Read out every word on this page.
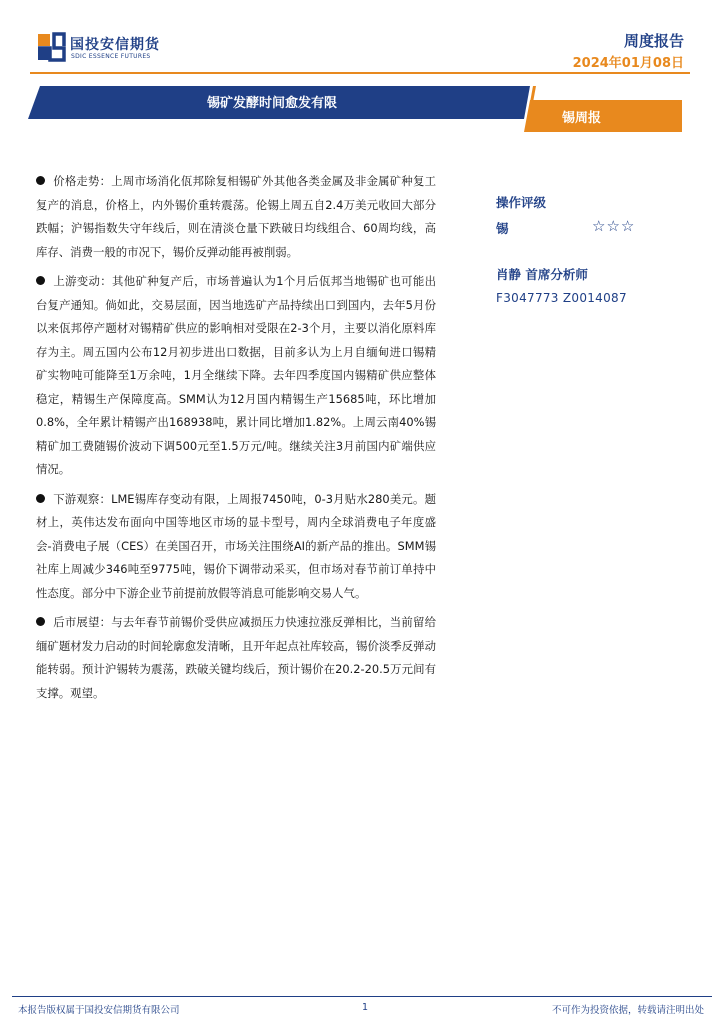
国投安信期货
SDIC ESSENCE FUTURES
周度报告
2024年01月08日
锡矿发酵时间愈发有限
锡周报

价格走势：上周市场消化佤邦除复相锡矿外其他各类金属及非金属矿种复工复产的消息，价格上，内外锡价重转震荡。伦锡上周五自2.4万美元收回大部分跌幅；沪锡指数失守年线后，则在清淡仓量下跌破日均线组合、60周均线，高库存、消费一般的市况下，锡价反弹动能再被削弱。

上游变动：其他矿种复产后，市场普遍认为1个月后佤邦当地锡矿也可能出台复产通知。倘如此，交易层面，因当地选矿产品持续出口到国内，去年5月份以来佤邦停产题材对锡精矿供应的影响相对受限在2-3个月，主要以消化原料库存为主。周五国内公布12月初步进出口数据，目前多认为上月自缅甸进口锡精矿实物吨可能降至1万余吨，1月全继续下降。去年四季度国内锡精矿供应整体稳定，精锡生产保障度高。SMM认为12月国内精锡生产15685吨，环比增加0.8%，全年累计精锡产出168938吨，累计同比增加1.82%。上周云南40%锡精矿加工费随锡价波动下调500元至1.5万元/吨。继续关注3月前国内矿端供应情况。

下游观察：LME锡库存变动有限，上周报7450吨，0-3月贴水280美元。题材上，英伟达发布面向中国等地区市场的显卡型号，周内全球消费电子年度盛会-消费电子展（CES）在美国召开，市场关注围绕AI的新产品的推出。SMM锡社库上周减少346吨至9775吨，锡价下调带动采买，但市场对春节前订单持中性态度。部分中下游企业节前提前放假等消息可能影响交易人气。

后市展望：与去年春节前锡价受供应减损压力快速拉涨反弹相比，当前留给缅矿题材发力启动的时间轮廓愈发清晰，且开年起点社库较高，锡价淡季反弹动能转弱。预计沪锡转为震荡，跌破关键均线后，预计锡价在20.2-20.5万元间有支撑。观望。

操作评级
锡	☆☆☆
肖静 首席分析师
F3047773 Z0014087
本报告版权属于国投安信期货有限公司	1	不可作为投资依据，转载请注明出处
